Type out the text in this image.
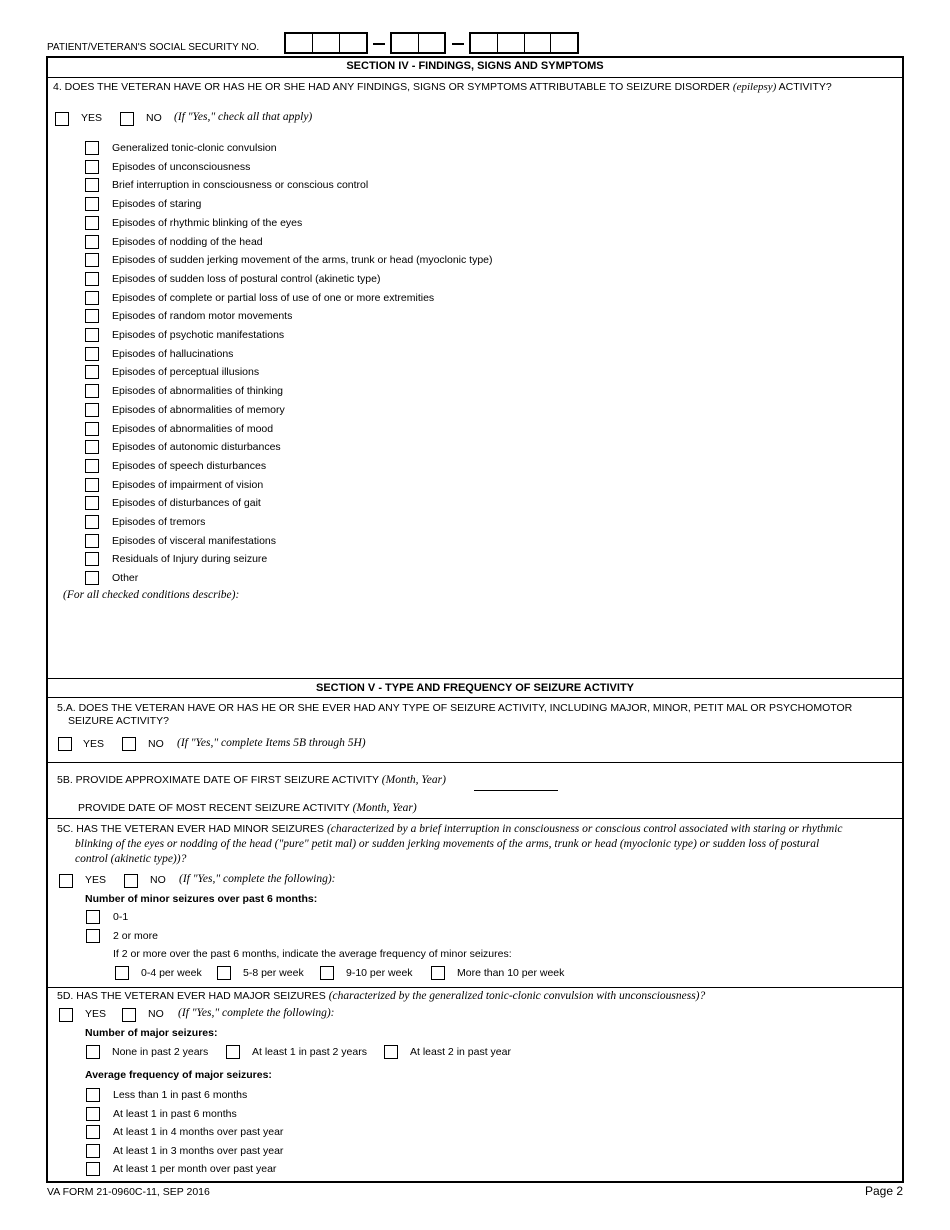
PATIENT/VETERAN'S SOCIAL SECURITY NO.
SECTION IV - FINDINGS, SIGNS AND SYMPTOMS
4. DOES THE VETERAN HAVE OR HAS HE OR SHE HAD ANY FINDINGS, SIGNS OR SYMPTOMS ATTRIBUTABLE TO SEIZURE DISORDER (epilepsy) ACTIVITY?
YES	NO (If "Yes," check all that apply)
Generalized tonic-clonic convulsion
Episodes of unconsciousness
Brief interruption in consciousness or conscious control
Episodes of staring
Episodes of rhythmic blinking of the eyes
Episodes of nodding of the head
Episodes of sudden jerking movement of the arms, trunk or head (myoclonic type)
Episodes of sudden loss of postural control (akinetic type)
Episodes of complete or partial loss of use of one or more extremities
Episodes of random motor movements
Episodes of psychotic manifestations
Episodes of hallucinations
Episodes of perceptual illusions
Episodes of abnormalities of thinking
Episodes of abnormalities of memory
Episodes of abnormalities of mood
Episodes of autonomic disturbances
Episodes of speech disturbances
Episodes of impairment of vision
Episodes of disturbances of gait
Episodes of tremors
Episodes of visceral manifestations
Residuals of Injury during seizure
Other
(For all checked conditions describe):
SECTION V - TYPE AND FREQUENCY OF SEIZURE ACTIVITY
5.A. DOES THE VETERAN HAVE OR HAS HE OR SHE EVER HAD ANY TYPE OF SEIZURE ACTIVITY, INCLUDING MAJOR, MINOR, PETIT MAL OR PSYCHOMOTOR
SEIZURE ACTIVITY?
YES	NO (If "Yes," complete Items 5B through 5H)
5B. PROVIDE APPROXIMATE DATE OF FIRST SEIZURE ACTIVITY (Month, Year)
PROVIDE DATE OF MOST RECENT SEIZURE ACTIVITY (Month, Year)
5C. HAS THE VETERAN EVER HAD MINOR SEIZURES (characterized by a brief interruption in consciousness or conscious control associated with staring or rhythmic
blinking of the eyes or nodding of the head ("pure" petit mal) or sudden jerking movements of the arms, trunk or head (myoclonic type) or sudden loss of postural
control (akinetic type))?
YES	NO (If "Yes," complete the following):
Number of minor seizures over past 6 months:
0-1
2 or more
If 2 or more over the past 6 months, indicate the average frequency of minor seizures:
0-4 per week	5-8 per week	9-10 per week	More than 10 per week
5D. HAS THE VETERAN EVER HAD MAJOR SEIZURES (characterized by the generalized tonic-clonic convulsion with unconsciousness)?
YES	NO (If "Yes," complete the following):
Number of major seizures:
None in past 2 years	At least 1 in past 2 years	At least 2 in past year
Average frequency of major seizures:
Less than 1 in past 6 months
At least 1 in past 6 months
At least 1 in 4 months over past year
At least 1 in 3 months over past year
At least 1 per month over past year
VA FORM 21-0960C-11, SEP 2016	Page 2
